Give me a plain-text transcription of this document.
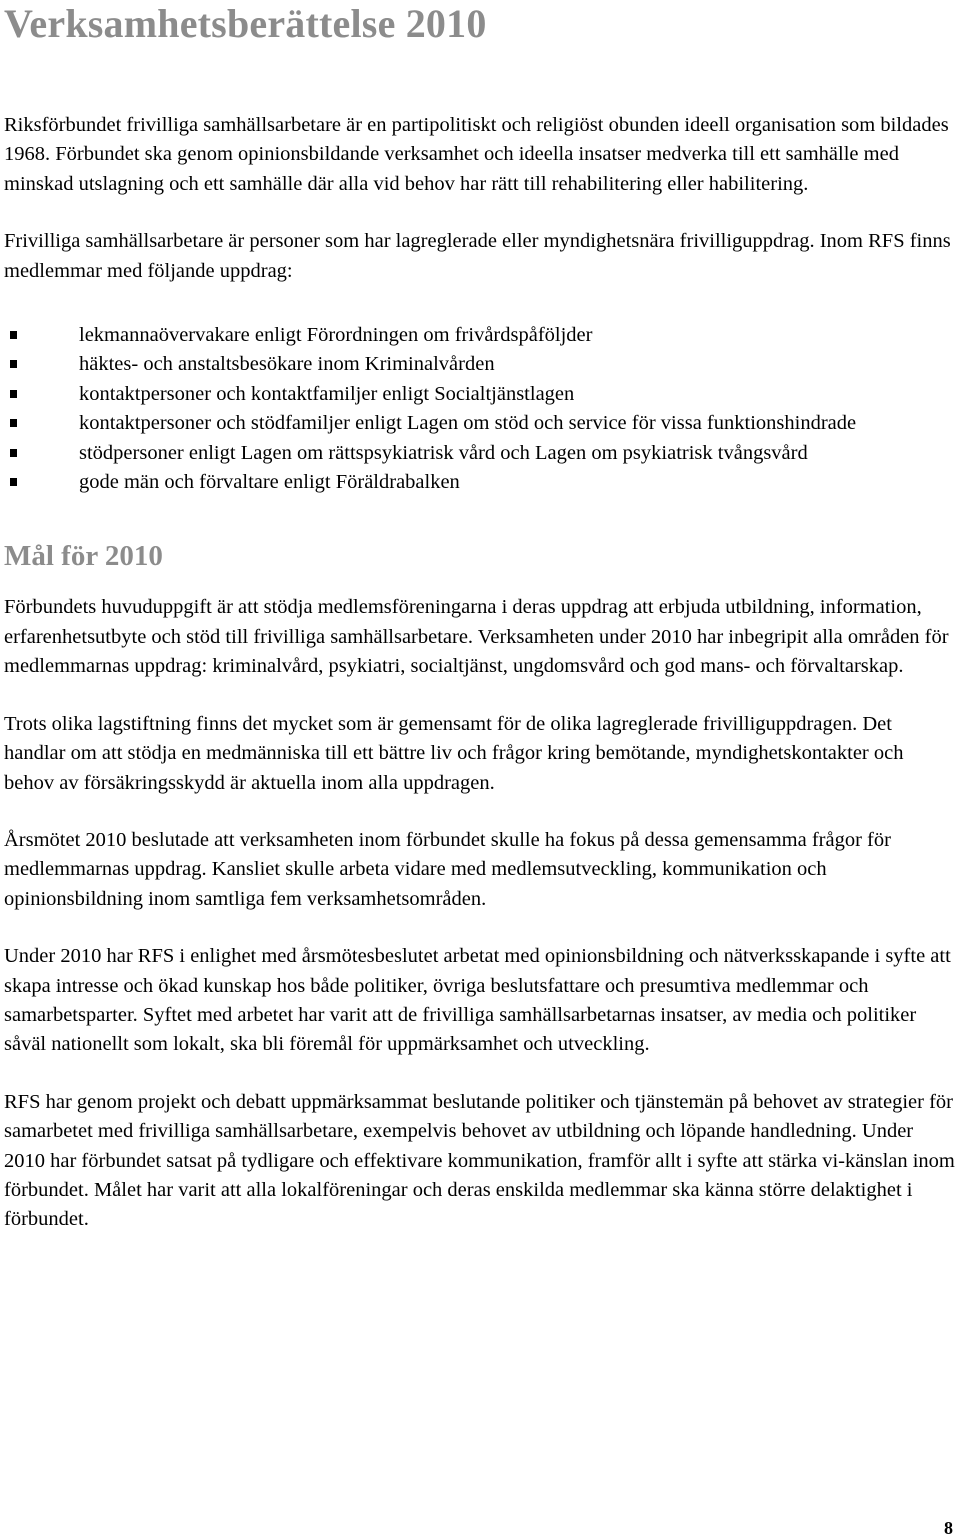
Verksamhetsberättelse 2010

Riksförbundet frivilliga samhällsarbetare är en partipolitiskt och religiöst obunden ideell organisation som bildades 1968. Förbundet ska genom opinionsbildande verksamhet och ideella insatser medverka till ett samhälle med minskad utslagning och ett samhälle där alla vid behov har rätt till rehabilitering eller habilitering.

Frivilliga samhällsarbetare är personer som har lagreglerade eller myndighetsnära frivilliguppdrag. Inom RFS finns medlemmar med följande uppdrag:

lekmannaövervakare enligt Förordningen om frivårdspåföljder
häktes- och anstaltsbesökare inom Kriminalvården
kontaktpersoner och kontaktfamiljer enligt Socialtjänstlagen
kontaktpersoner och stödfamiljer enligt Lagen om stöd och service för vissa funktionshindrade
stödpersoner enligt Lagen om rättspsykiatrisk vård och Lagen om psykiatrisk tvångsvård
gode män och förvaltare enligt Föräldrabalken
Mål för 2010

Förbundets huvuduppgift är att stödja medlemsföreningarna i deras uppdrag att erbjuda utbildning, information, erfarenhetsutbyte och stöd till frivilliga samhällsarbetare. Verksamheten under 2010 har inbegripit alla områden för medlemmarnas uppdrag: kriminalvård, psykiatri, socialtjänst, ungdomsvård och god mans- och förvaltarskap.

Trots olika lagstiftning finns det mycket som är gemensamt för de olika lagreglerade frivilliguppdragen. Det handlar om att stödja en medmänniska till ett bättre liv och frågor kring bemötande, myndighetskontakter och behov av försäkringsskydd är aktuella inom alla uppdragen.

Årsmötet 2010 beslutade att verksamheten inom förbundet skulle ha fokus på dessa gemensamma frågor för medlemmarnas uppdrag. Kansliet skulle arbeta vidare med medlemsutveckling, kommunikation och opinionsbildning inom samtliga fem verksamhetsområden.

Under 2010 har RFS i enlighet med årsmötesbeslutet arbetat med opinionsbildning och nätverksskapande i syfte att skapa intresse och ökad kunskap hos både politiker, övriga beslutsfattare och presumtiva medlemmar och samarbetsparter. Syftet med arbetet har varit att de frivilliga samhällsarbetarnas insatser, av media och politiker såväl nationellt som lokalt, ska bli föremål för uppmärksamhet och utveckling.

RFS har genom projekt och debatt uppmärksammat beslutande politiker och tjänstemän på behovet av strategier för samarbetet med frivilliga samhällsarbetare, exempelvis behovet av utbildning och löpande handledning. Under 2010 har förbundet satsat på tydligare och effektivare kommunikation, framför allt i syfte att stärka vi-känslan inom förbundet. Målet har varit att alla lokalföreningar och deras enskilda medlemmar ska känna större delaktighet i förbundet.

8
